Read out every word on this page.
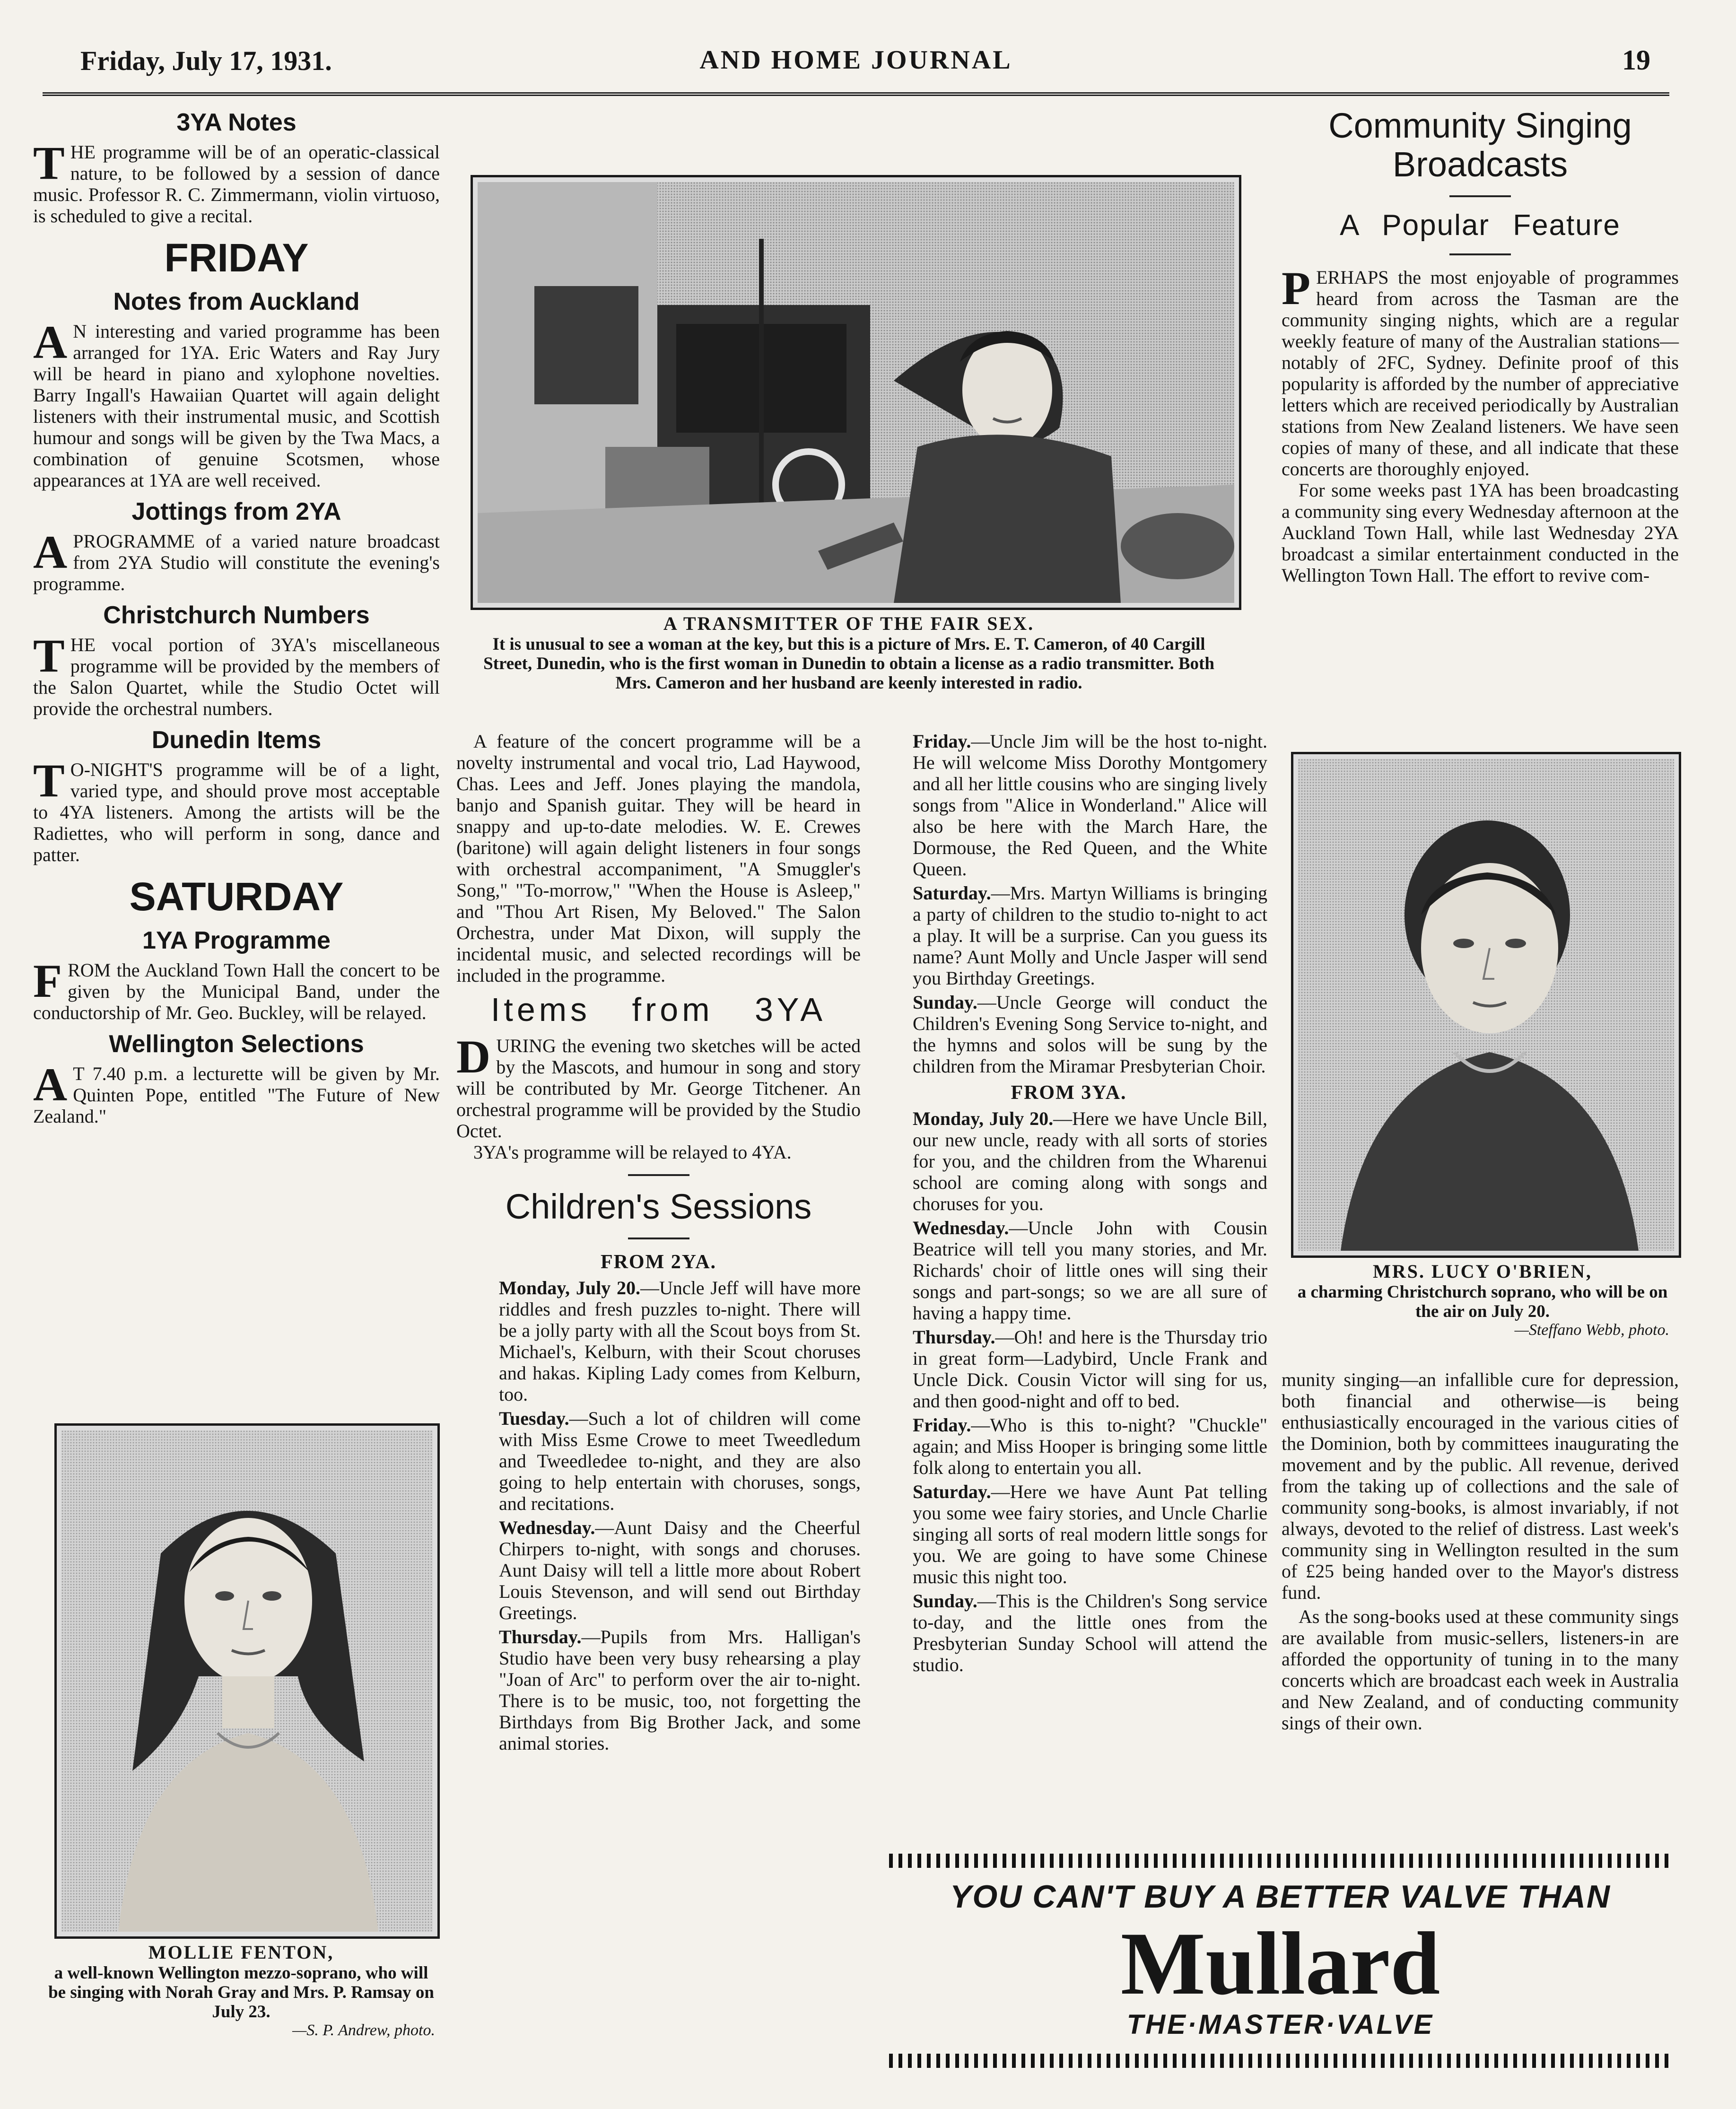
Friday, July 17, 1931.	AND HOME JOURNAL	19
3YA Notes
THE programme will be of an operatic-classical nature, to be followed by a session of dance music. Professor R. C. Zimmermann, violin virtuoso, is scheduled to give a recital.
FRIDAY
Notes from Auckland
A N interesting and varied programme has been arranged for 1YA. Eric Waters and Ray Jury will be heard in piano and xylophone novelties. Barry Ingall's Hawaiian Quartet will again delight listeners with their instrumental music, and Scottish humour and songs will be given by the Twa Macs, a combination of genuine Scotsmen, whose appearances at 1YA are well received.
Jottings from 2YA
APROGRAMME of a varied nature broadcast from 2YA Studio will constitute the evening's programme.
Christchurch Numbers
THE vocal portion of 3YA's miscellaneous programme will be provided by the members of the Salon Quartet, while the Studio Octet will provide the orchestral numbers.
Dunedin Items
T O-NIGHT'S programme will be of a light, varied type, and should prove most acceptable to 4YA listeners. Among the artists will be the Radiettes, who will perform in song, dance and patter.
SATURDAY
1YA Programme
FROM the Auckland Town Hall the concert to be given by the Municipal Band, under the conductorship of Mr. Geo. Buckley, will be relayed.
Wellington Selections
A T 7.40 p.m. a lecturette will be given by Mr. Quinten Pope, entitled "The Future of New Zealand."
MOLLIE FENTON,
a well-known Wellington mezzo-soprano, who will be singing with Norah Gray and Mrs. P. Ramsay on July 23.
—S. P. Andrew, photo.
A TRANSMITTER OF THE FAIR SEX.
It is unusual to see a woman at the key, but this is a picture of Mrs. E. T. Cameron, of 40 Cargill Street, Dunedin, who is the first woman in Dunedin to obtain a license as a radio transmitter. Both Mrs. Cameron and her husband are keenly interested in radio.

A feature of the concert programme will be a novelty instrumental and vocal trio, Lad Haywood, Chas. Lees and Jeff. Jones playing the mandola, banjo and Spanish guitar. They will be heard in snappy and up-to-date melodies. W. E. Crewes (baritone) will again delight listeners in four songs with orchestral accompaniment, "A Smuggler's Song," "To-morrow," "When the House is Asleep," and "Thou Art Risen, My Beloved." The Salon Orchestra, under Mat Dixon, will supply the incidental music, and selected recordings will be included in the programme.

Items from 3YA
DURING the evening two sketches will be acted by the Mascots, and humour in song and story will be contributed by Mr. George Titchener. An orchestral programme will be provided by the Studio Octet.

3YA's programme will be relayed to 4YA.

Children's Sessions
FROM 2YA.

Monday, July 20.—Uncle Jeff will have more riddles and fresh puzzles to-night. There will be a jolly party with all the Scout boys from St. Michael's, Kelburn, with their Scout choruses and hakas. Kipling Lady comes from Kelburn, too.

Tuesday.—Such a lot of children will come with Miss Esme Crowe to meet Tweedledum and Tweedledee to-night, and they are also going to help entertain with choruses, songs, and recitations.

Wednesday.—Aunt Daisy and the Cheerful Chirpers to-night, with songs and choruses. Aunt Daisy will tell a little more about Robert Louis Stevenson, and will send out Birthday Greetings.

Thursday.—Pupils from Mrs. Halligan's Studio have been very busy rehearsing a play "Joan of Arc" to perform over the air to-night. There is to be music, too, not forgetting the Birthdays from Big Brother Jack, and some animal stories.

Friday.—Uncle Jim will be the host to-night. He will welcome Miss Dorothy Montgomery and all her little cousins who are singing lively songs from "Alice in Wonderland." Alice will also be here with the March Hare, the Dormouse, the Red Queen, and the White Queen.

Saturday.—Mrs. Martyn Williams is bringing a party of children to the studio to-night to act a play. It will be a surprise. Can you guess its name? Aunt Molly and Uncle Jasper will send you Birthday Greetings.

Sunday.—Uncle George will conduct the Children's Evening Song Service to-night, and the hymns and solos will be sung by the children from the Miramar Presbyterian Choir.

FROM 3YA.

Monday, July 20.—Here we have Uncle Bill, our new uncle, ready with all sorts of stories for you, and the children from the Wharenui school are coming along with songs and choruses for you.

Wednesday.—Uncle John with Cousin Beatrice will tell you many stories, and Mr. Richards' choir of little ones will sing their songs and part-songs; so we are all sure of having a happy time.

Thursday.—Oh! and here is the Thursday trio in great form—Ladybird, Uncle Frank and Uncle Dick. Cousin Victor will sing for us, and then good-night and off to bed.

Friday.—Who is this to-night? "Chuckle" again; and Miss Hooper is bringing some little folk along to entertain you all.

Saturday.—Here we have Aunt Pat telling you some wee fairy stories, and Uncle Charlie singing all sorts of real modern little songs for you. We are going to have some Chinese music this night too.

Sunday.—This is the Children's Song service to-day, and the little ones from the Presbyterian Sunday School will attend the studio.

Community Singing Broadcasts
A Popular Feature
PERHAPS the most enjoyable of programmes heard from across the Tasman are the community singing nights, which are a regular weekly feature of many of the Australian stations—notably of 2FC, Sydney. Definite proof of this popularity is afforded by the number of appreciative letters which are received periodically by Australian stations from New Zealand listeners. We have seen copies of many of these, and all indicate that these concerts are thoroughly enjoyed.

For some weeks past 1YA has been broadcasting a community sing every Wednesday afternoon at the Auckland Town Hall, while last Wednesday 2YA broadcast a similar entertainment conducted in the Wellington Town Hall. The effort to revive com-

MRS. LUCY O'BRIEN,
a charming Christchurch soprano, who will be on the air on July 20.
—Steffano Webb, photo.

munity singing—an infallible cure for depression, both financial and otherwise—is being enthusiastically encouraged in the various cities of the Dominion, both by committees inaugurating the movement and by the public. All revenue, derived from the taking up of collections and the sale of community song-books, is almost invariably, if not always, devoted to the relief of distress. Last week's community sing in Wellington resulted in the sum of £25 being handed over to the Mayor's distress fund.

As the song-books used at these community sings are available from music-sellers, listeners-in are afforded the opportunity of tuning in to the many concerts which are broadcast each week in Australia and New Zealand, and of conducting community sings of their own.

YOU CAN'T BUY A BETTER VALVE THAN
Mullard
THE·MASTER·VALVE
